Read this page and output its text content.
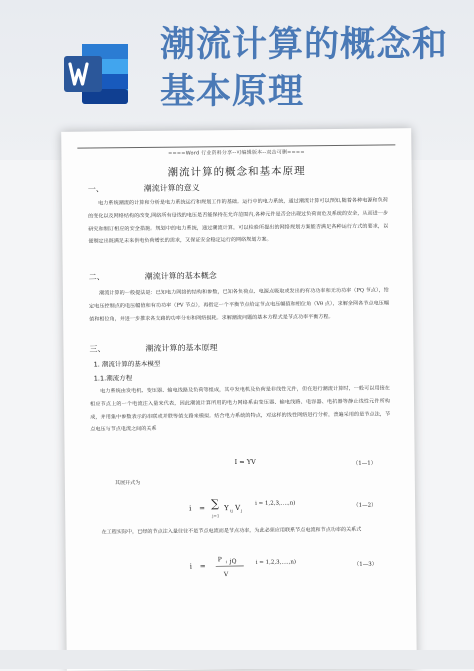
潮流计算的概念和基本原理
====Word 行业资料分享--可编辑版本--双击可删====
潮流计算的概念和基本原理
一、	潮流计算的意义
电力系统潮流的计算和分析是电力系统运行和规划工作的基础。运行中的电力系统，通过潮流计算可以预知,随着各种电源和负荷的变化以及网络结构的改变,网络所有母线的电压是否能保持在允许范围内,各种元件是否会出现过负荷而危及系统的安全，从而进一步研究和制订相应的安全措施。规划中的电力系统，通过潮流计算，可以检验所提出的网络规划方案能否满足各种运行方式的要求，以便制定出既满足未来供电负荷增长的需求，又保证安全稳定运行的网络规划方案。
二、	潮流计算的基本概念
潮流计算的一般提法是：已知电力网络的结构和参数，已知各负荷点、电源点吸取或发出的有功功率和无功功率（PQ 节点），给定电压控制点的电压幅值和有功功率（PV 节点），再指定一个平衡节点给定节点电压幅值和相位角（Vθ 点），求解全网各节点电压幅值和相位角，并进一步推求各支路的功率分布和网络损耗。求解潮流问题的基本方程式是节点功率平衡方程。
三、	潮流计算的基本原理
1. 潮流计算的基本模型
1.1.潮流方程
电力系统由发电机、变压器、输电线路及负荷等组成，其中发电机及负荷是非线性元件，但在进行潮流计算时，一般可以用接在相应节点上的一个电流注入量来代表，因此潮流计算所用的电力网络系由变压器、输电线路、电容器、电抗器等静止线性元件所构成，并用集中参数表示的串联或并联等值支路来模拟。结合电力系统的特点，对这样的线性网络进行分析，普遍采用的是节点法，节点电压与节点电流之间的关系
I = YV	（1—1）
其展开式为
i = ∑
j=1
Y ij V j
i = 1,2,3,….,n)	（1—2）
在工程实际中，已经的节点注入量往往不是节点电流而是节点功率，为此必须应用联系节点电流和节点功率的关系式
i =
P i jQ
V
i = 1,2,3,….,n)	（1—3）
